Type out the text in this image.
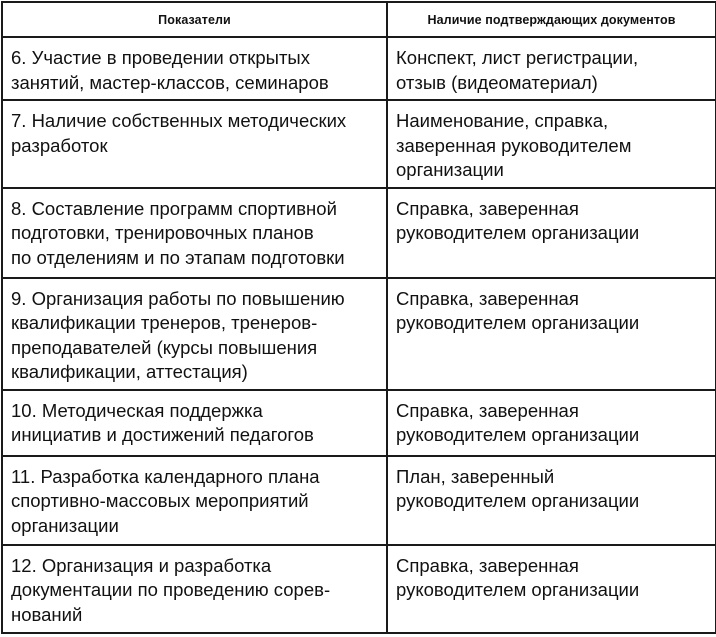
Показатели	Наличие подтверждающих документов
6. Участие в проведении открытых
занятий, мастер-классов, семинаров	Конспект, лист регистрации,
отзыв (видеоматериал)
7. Наличие собственных методических
разработок	Наименование, справка,
заверенная руководителем
организации
8. Составление программ спортивной
подготовки, тренировочных планов
по отделениям и по этапам подготовки	Справка, заверенная
руководителем организации
9. Организация работы по повышению
квалификации тренеров, тренеров-
преподавателей (курсы повышения
квалификации, аттестация)	Справка, заверенная
руководителем организации
10. Методическая поддержка
инициатив и достижений педагогов	Справка, заверенная
руководителем организации
11. Разработка календарного плана
спортивно-массовых мероприятий
организации	План, заверенный
руководителем организации
12. Организация и разработка
документации по проведению сорев-
нований	Справка, заверенная
руководителем организации
